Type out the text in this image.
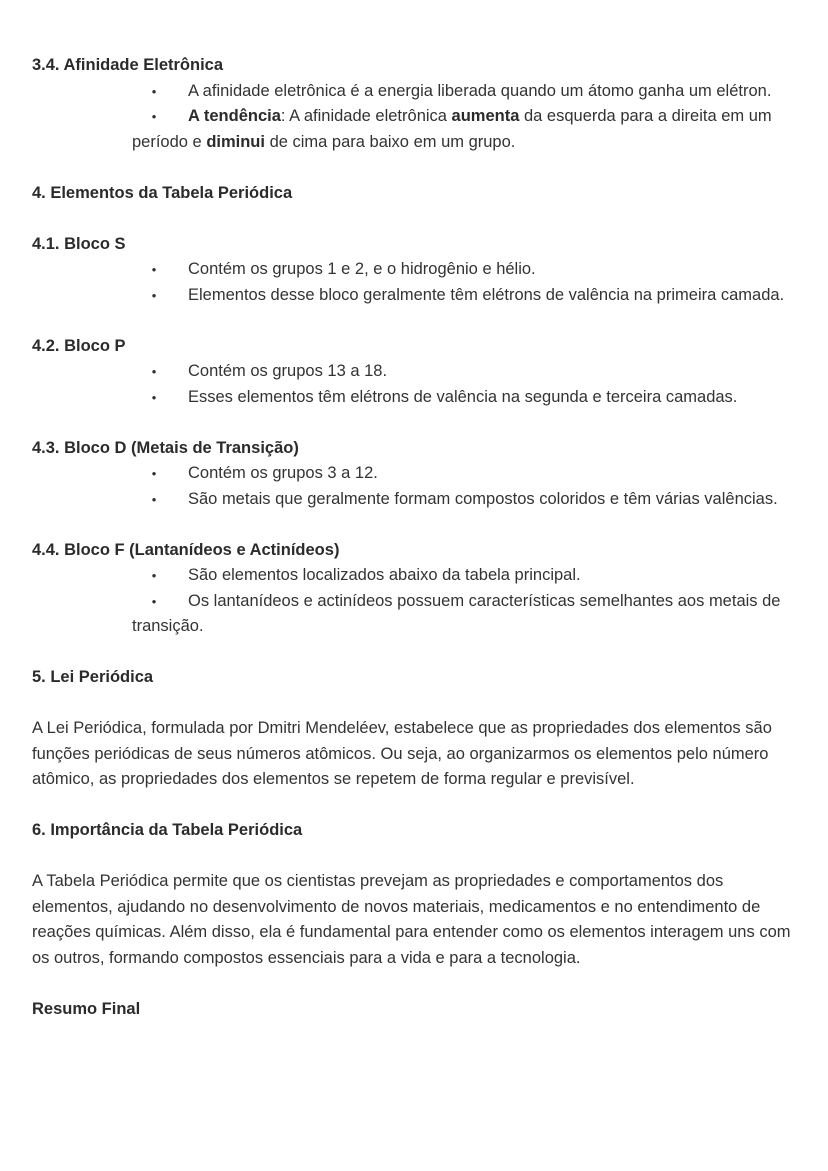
3.4. Afinidade Eletrônica

• A afinidade eletrônica é a energia liberada quando um átomo ganha um elétron.
• A tendência: A afinidade eletrônica aumenta da esquerda para a direita em um período e diminui de cima para baixo em um grupo.

4. Elementos da Tabela Periódica

4.1. Bloco S

• Contém os grupos 1 e 2, e o hidrogênio e hélio.
• Elementos desse bloco geralmente têm elétrons de valência na primeira camada.

4.2. Bloco P

• Contém os grupos 13 a 18.
• Esses elementos têm elétrons de valência na segunda e terceira camadas.

4.3. Bloco D (Metais de Transição)

• Contém os grupos 3 a 12.
• São metais que geralmente formam compostos coloridos e têm várias valências.

4.4. Bloco F (Lantanídeos e Actinídeos)

• São elementos localizados abaixo da tabela principal.
• Os lantanídeos e actinídeos possuem características semelhantes aos metais de transição.

5. Lei Periódica

A Lei Periódica, formulada por Dmitri Mendeléev, estabelece que as propriedades dos elementos são funções periódicas de seus números atômicos. Ou seja, ao organizarmos os elementos pelo número atômico, as propriedades dos elementos se repetem de forma regular e previsível.

6. Importância da Tabela Periódica

A Tabela Periódica permite que os cientistas prevejam as propriedades e comportamentos dos elementos, ajudando no desenvolvimento de novos materiais, medicamentos e no entendimento de reações químicas. Além disso, ela é fundamental para entender como os elementos interagem uns com os outros, formando compostos essenciais para a vida e para a tecnologia.

Resumo Final
